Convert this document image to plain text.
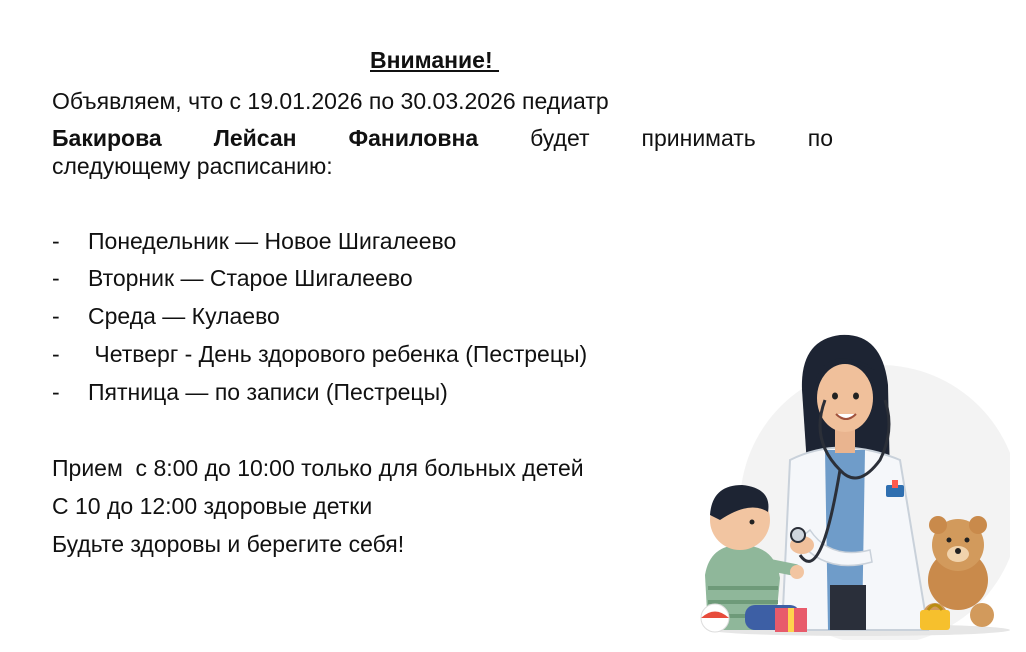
Внимание!
Объявляем, что с 19.01.2026 по 30.03.2026 педиатр
Бакирова Лейсан Фаниловна будет принимать по
следующему расписанию:
- Понедельник — Новое Шигалеево
- Вторник — Старое Шигалеево
- Среда — Кулаево
- Четверг - День здорового ребенка (Пестрецы)
- Пятница — по записи (Пестрецы)
Прием  с 8:00 до 10:00 только для больных детей
С 10 до 12:00 здоровые детки
Будьте здоровы и берегите себя!
